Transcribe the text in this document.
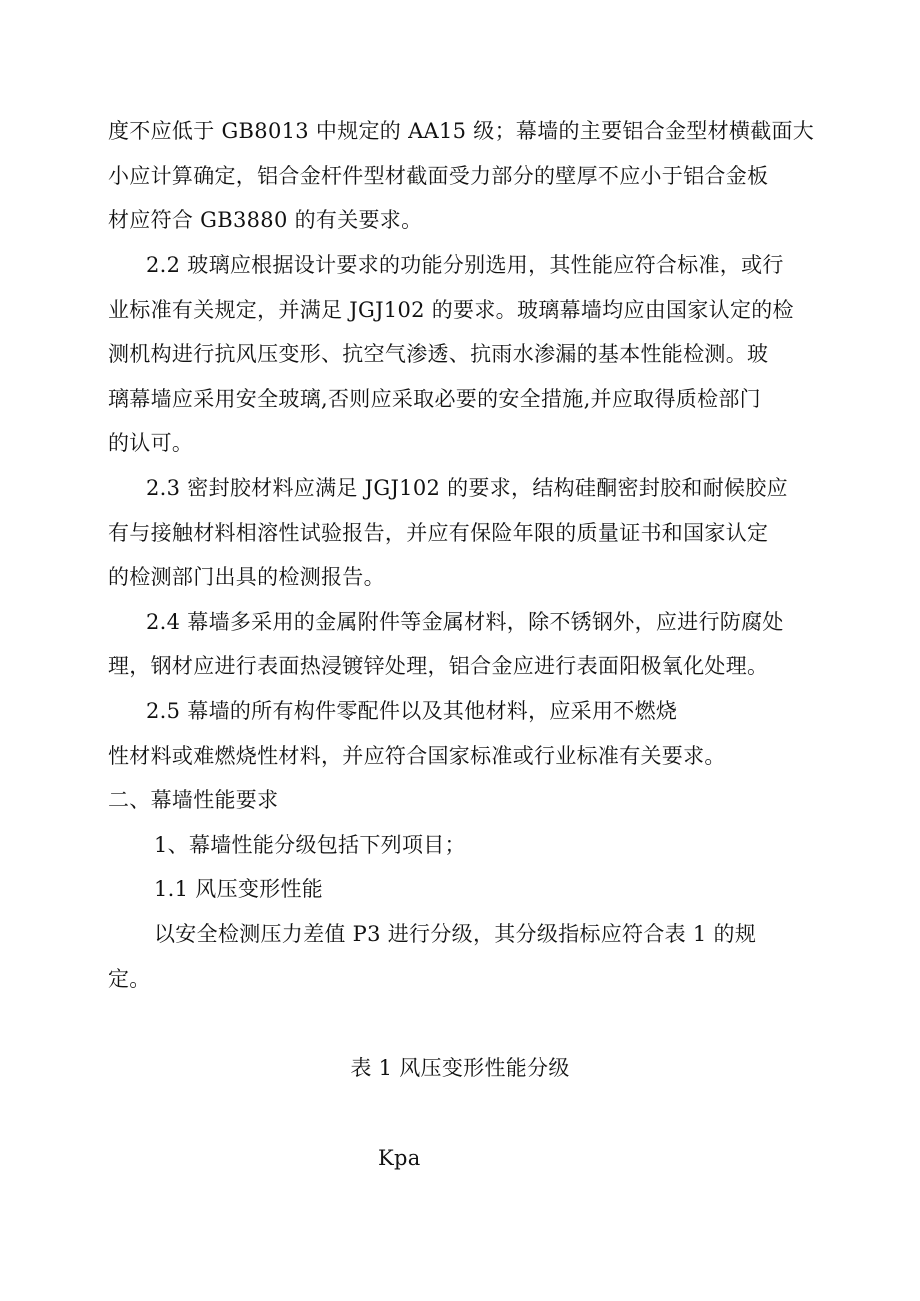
度不应低于 GB8013 中规定的 AA15 级；幕墙的主要铝合金型材横截面大
小应计算确定，铝合金杆件型材截面受力部分的壁厚不应小于铝合金板
材应符合 GB3880 的有关要求。
2.2 玻璃应根据设计要求的功能分别选用，其性能应符合标准，或行
业标准有关规定，并满足 JGJ102 的要求。玻璃幕墙均应由国家认定的检
测机构进行抗风压变形、抗空气渗透、抗雨水渗漏的基本性能检测。玻
璃幕墙应采用安全玻璃,否则应采取必要的安全措施,并应取得质检部门
的认可。
2.3 密封胶材料应满足 JGJ102 的要求，结构硅酮密封胶和耐候胶应
有与接触材料相溶性试验报告，并应有保险年限的质量证书和国家认定
的检测部门出具的检测报告。
2.4 幕墙多采用的金属附件等金属材料，除不锈钢外，应进行防腐处
理，钢材应进行表面热浸镀锌处理，铝合金应进行表面阳极氧化处理。
2.5 幕墙的所有构件零配件以及其他材料，应采用不燃烧
性材料或难燃烧性材料，并应符合国家标准或行业标准有关要求。
二、幕墙性能要求
1、幕墙性能分级包括下列项目；
1.1 风压变形性能
以安全检测压力差值 P3 进行分级，其分级指标应符合表 1 的规
定。
表 1 风压变形性能分级
Kpa
